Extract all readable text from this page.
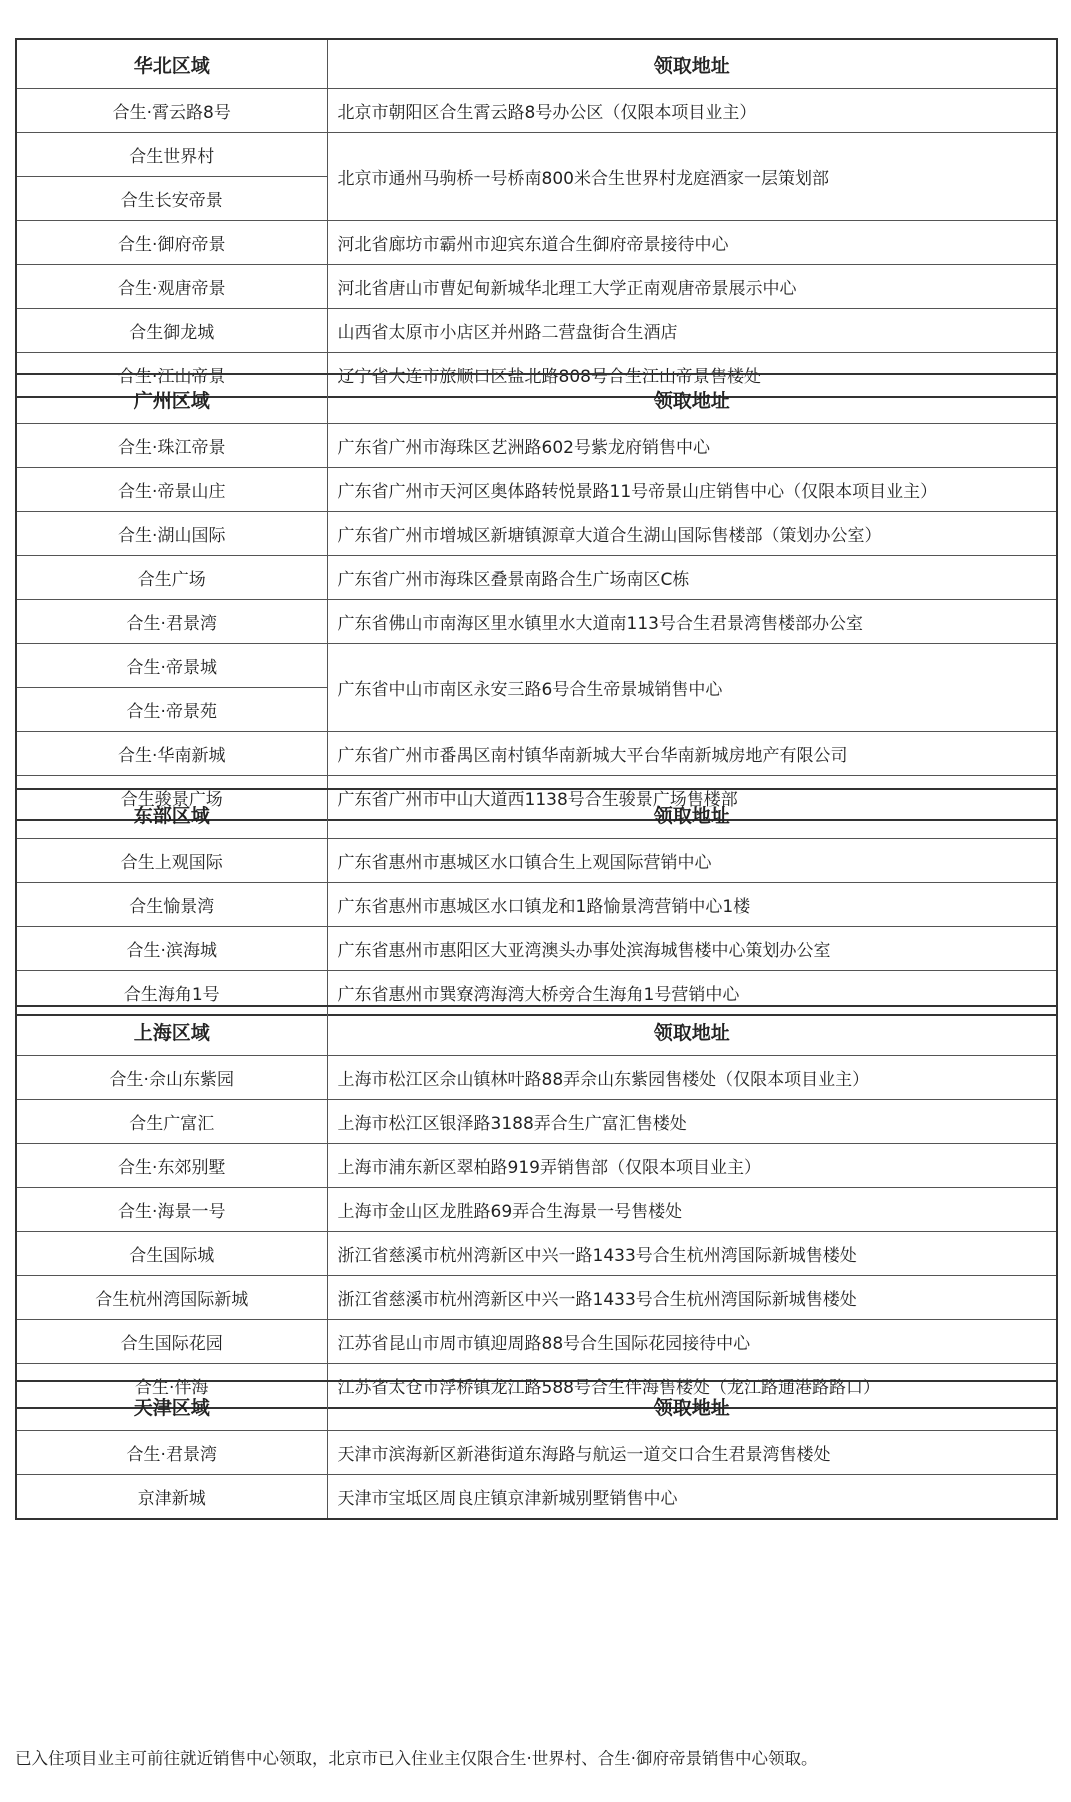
华北区域	领取地址
合生·霄云路8号	北京市朝阳区合生霄云路8号办公区（仅限本项目业主）
合生世界村	北京市通州马驹桥一号桥南800米合生世界村龙庭酒家一层策划部
合生长安帝景	
合生·御府帝景	河北省廊坊市霸州市迎宾东道合生御府帝景接待中心
合生·观唐帝景	河北省唐山市曹妃甸新城华北理工大学正南观唐帝景展示中心
合生御龙城	山西省太原市小店区并州路二营盘街合生酒店
合生·江山帝景	辽宁省大连市旅顺口区盐北路808号合生江山帝景售楼处
广州区域	领取地址
合生·珠江帝景	广东省广州市海珠区艺洲路602号紫龙府销售中心
合生·帝景山庄	广东省广州市天河区奥体路转悦景路11号帝景山庄销售中心（仅限本项目业主）
合生·湖山国际	广东省广州市增城区新塘镇源章大道合生湖山国际售楼部（策划办公室）
合生广场	广东省广州市海珠区叠景南路合生广场南区C栋
合生·君景湾	广东省佛山市南海区里水镇里水大道南113号合生君景湾售楼部办公室
合生·帝景城	广东省中山市南区永安三路6号合生帝景城销售中心
合生·帝景苑	
合生·华南新城	广东省广州市番禺区南村镇华南新城大平台华南新城房地产有限公司
合生骏景广场	广东省广州市中山大道西1138号合生骏景广场售楼部
东部区域	领取地址
合生上观国际	广东省惠州市惠城区水口镇合生上观国际营销中心
合生愉景湾	广东省惠州市惠城区水口镇龙和1路愉景湾营销中心1楼
合生·滨海城	广东省惠州市惠阳区大亚湾澳头办事处滨海城售楼中心策划办公室
合生海角1号	广东省惠州市巽寮湾海湾大桥旁合生海角1号营销中心
上海区域	领取地址
合生·佘山东紫园	上海市松江区佘山镇林叶路88弄佘山东紫园售楼处（仅限本项目业主）
合生广富汇	上海市松江区银泽路3188弄合生广富汇售楼处
合生·东郊别墅	上海市浦东新区翠柏路919弄销售部（仅限本项目业主）
合生·海景一号	上海市金山区龙胜路69弄合生海景一号售楼处
合生国际城	浙江省慈溪市杭州湾新区中兴一路1433号合生杭州湾国际新城售楼处
合生杭州湾国际新城	浙江省慈溪市杭州湾新区中兴一路1433号合生杭州湾国际新城售楼处
合生国际花园	江苏省昆山市周市镇迎周路88号合生国际花园接待中心
合生·伴海	江苏省太仓市浮桥镇龙江路588号合生伴海售楼处（龙江路通港路路口）
天津区域	领取地址
合生·君景湾	天津市滨海新区新港街道东海路与航运一道交口合生君景湾售楼处
京津新城	天津市宝坻区周良庄镇京津新城别墅销售中心
已入住项目业主可前往就近销售中心领取，北京市已入住业主仅限合生·世界村、合生·御府帝景销售中心领取。
